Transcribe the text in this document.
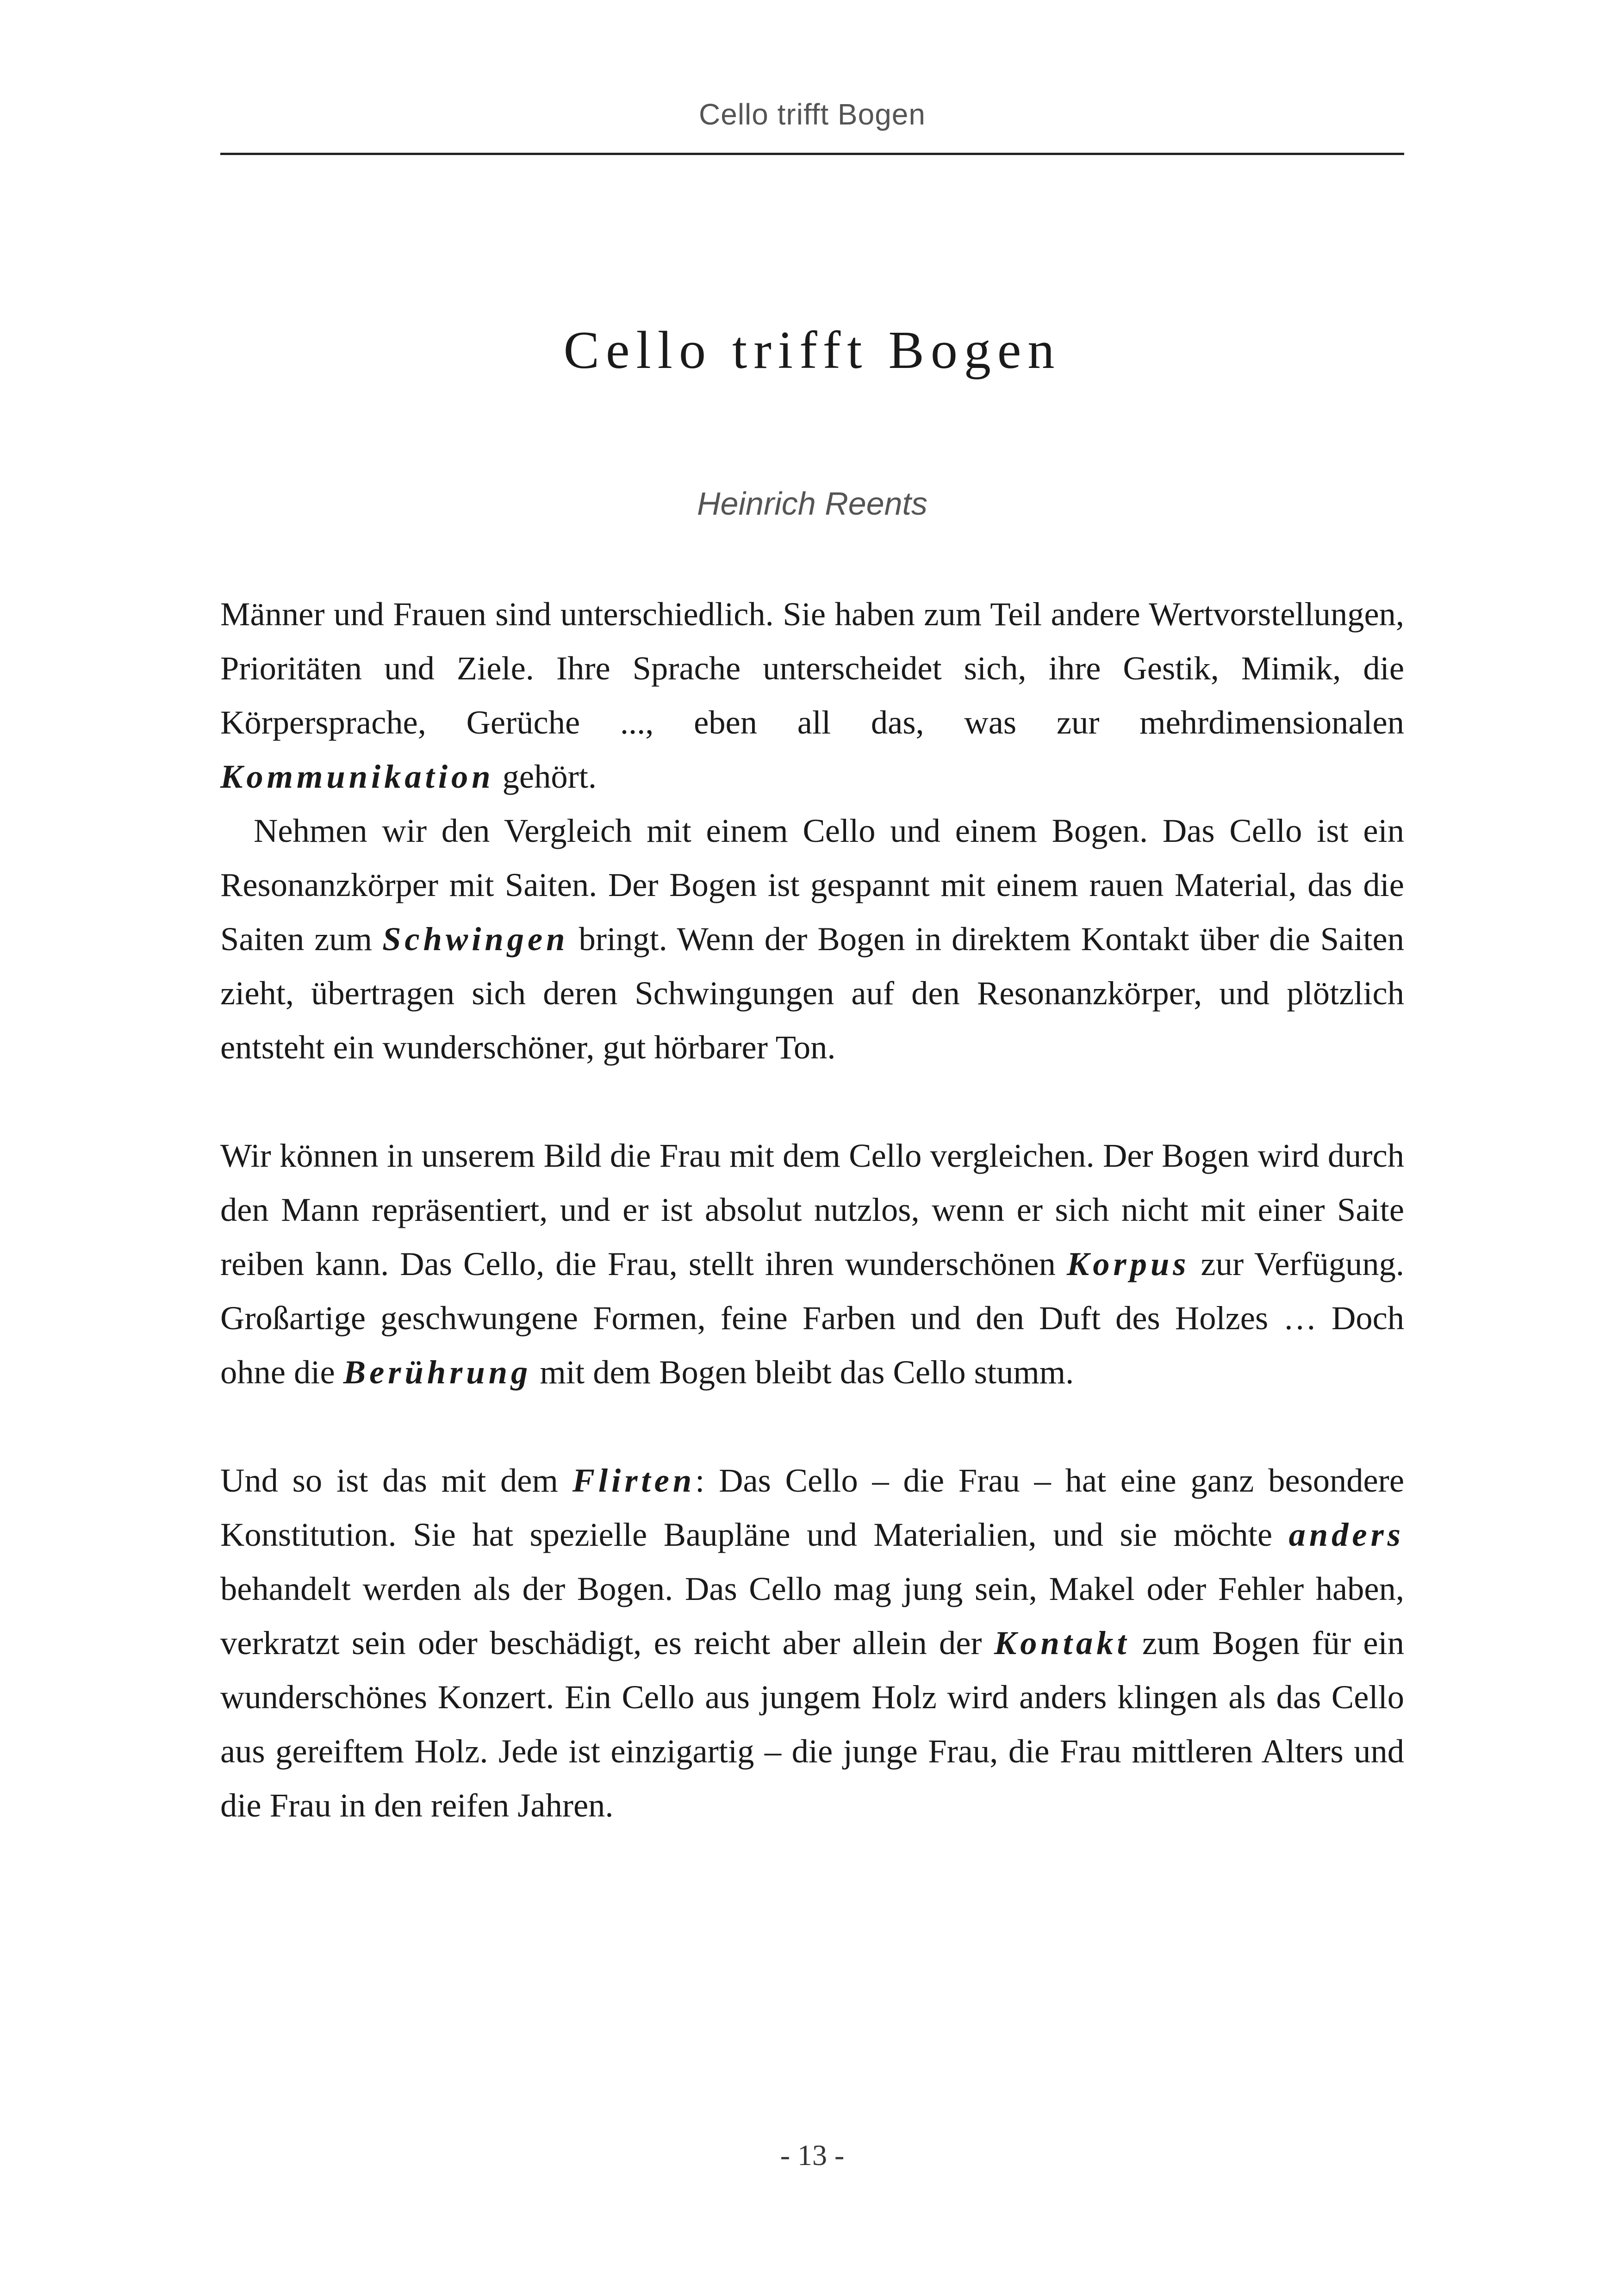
Cello trifft Bogen
Cello trifft Bogen
Heinrich Reents

Männer und Frauen sind unterschiedlich. Sie haben zum Teil andere Wertvorstellungen, Prioritäten und Ziele. Ihre Sprache unterscheidet sich, ihre Gestik, Mimik, die Körpersprache, Gerüche ..., eben all das, was zur mehrdimensionalen Kommunikation gehört.

Nehmen wir den Vergleich mit einem Cello und einem Bogen. Das Cello ist ein Resonanzkörper mit Saiten. Der Bogen ist gespannt mit einem rauen Material, das die Saiten zum Schwingen bringt. Wenn der Bogen in direktem Kontakt über die Saiten zieht, übertragen sich deren Schwingungen auf den Resonanzkörper, und plötzlich entsteht ein wunderschöner, gut hörbarer Ton.

Wir können in unserem Bild die Frau mit dem Cello vergleichen. Der Bogen wird durch den Mann repräsentiert, und er ist absolut nutzlos, wenn er sich nicht mit einer Saite reiben kann. Das Cello, die Frau, stellt ihren wunderschönen Korpus zur Verfügung. Großartige geschwungene Formen, feine Farben und den Duft des Holzes … Doch ohne die Berührung mit dem Bogen bleibt das Cello stumm.

Und so ist das mit dem Flirten: Das Cello – die Frau – hat eine ganz besondere Konstitution. Sie hat spezielle Baupläne und Materialien, und sie möchte anders behandelt werden als der Bogen. Das Cello mag jung sein, Makel oder Fehler haben, verkratzt sein oder beschädigt, es reicht aber allein der Kontakt zum Bogen für ein wunderschönes Konzert. Ein Cello aus jungem Holz wird anders klingen als das Cello aus gereiftem Holz. Jede ist einzigartig – die junge Frau, die Frau mittleren Alters und die Frau in den reifen Jahren.

- 13 -
